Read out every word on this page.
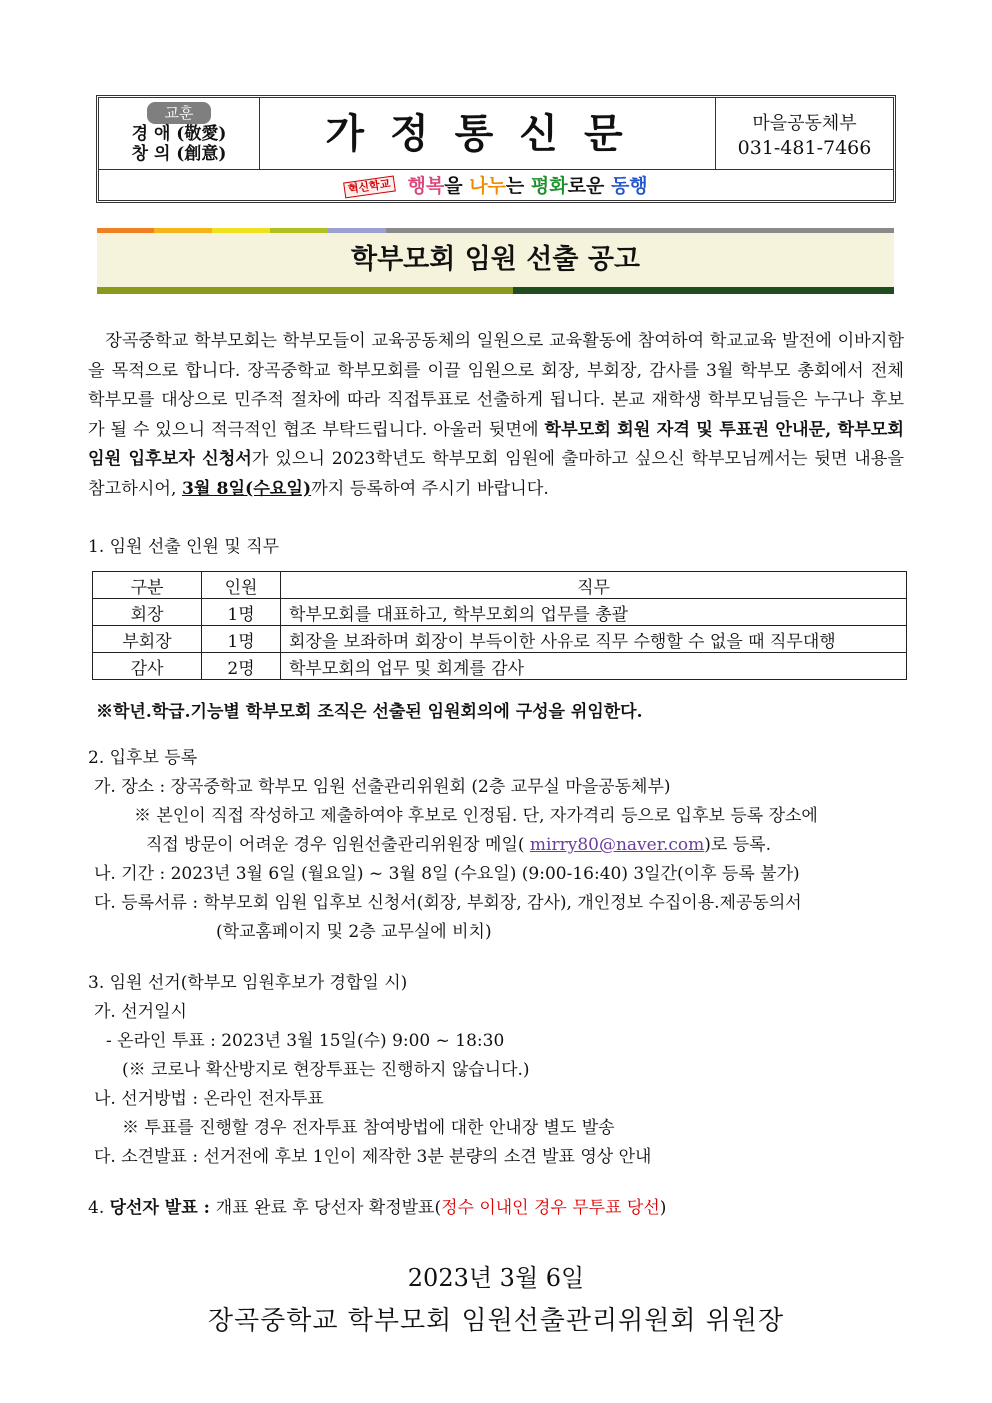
교훈
경 애 (敬愛)
창 의 (創意)	가정통신문	마을공동체부
031-481-7466
혁신학교 행복을 나누는 평화로운 동행
학부모회 임원 선출 공고
장곡중학교 학부모회는 학부모들이 교육공동체의 일원으로 교육활동에 참여하여 학교교육 발전에 이바지함을 목적으로 합니다. 장곡중학교 학부모회를 이끌 임원으로 회장, 부회장, 감사를 3월 학부모 총회에서 전체 학부모를 대상으로 민주적 절차에 따라 직접투표로 선출하게 됩니다. 본교 재학생 학부모님들은 누구나 후보가 될 수 있으니 적극적인 협조 부탁드립니다. 아울러 뒷면에 학부모회 회원 자격 및 투표권 안내문, 학부모회 임원 입후보자 신청서가 있으니 2023학년도 학부모회 임원에 출마하고 싶으신 학부모님께서는 뒷면 내용을 참고하시어, 3월 8일(수요일)까지 등록하여 주시기 바랍니다.
1. 임원 선출 인원 및 직무
구분	인원	직무
회장	1명	학부모회를 대표하고, 학부모회의 업무를 총괄
부회장	1명	회장을 보좌하며 회장이 부득이한 사유로 직무 수행할 수 없을 때 직무대행
감사	2명	학부모회의 업무 및 회계를 감사
※학년.학급.기능별 학부모회 조직은 선출된 임원회의에 구성을 위임한다.
2. 입후보 등록
가. 장소 : 장곡중학교 학부모 임원 선출관리위원회 (2층 교무실 마을공동체부)
※ 본인이 직접 작성하고 제출하여야 후보로 인정됨. 단, 자가격리 등으로 입후보 등록 장소에
직접 방문이 어려운 경우 임원선출관리위원장 메일( mirry80@naver.com)로 등록.
나. 기간 : 2023년 3월 6일 (월요일) ~ 3월 8일 (수요일) (9:00-16:40) 3일간(이후 등록 불가)
다. 등록서류 : 학부모회 임원 입후보 신청서(회장, 부회장, 감사), 개인정보 수집이용.제공동의서
(학교홈페이지 및 2층 교무실에 비치)
3. 임원 선거(학부모 임원후보가 경합일 시)
가. 선거일시
- 온라인 투표 : 2023년 3월 15일(수) 9:00 ~ 18:30
(※ 코로나 확산방지로 현장투표는 진행하지 않습니다.)
나. 선거방법 : 온라인 전자투표
※ 투표를 진행할 경우 전자투표 참여방법에 대한 안내장 별도 발송
다. 소견발표 : 선거전에 후보 1인이 제작한 3분 분량의 소견 발표 영상 안내
4. 당선자 발표 : 개표 완료 후 당선자 확정발표(정수 이내인 경우 무투표 당선)
2023년 3월 6일
장곡중학교 학부모회 임원선출관리위원회 위원장
